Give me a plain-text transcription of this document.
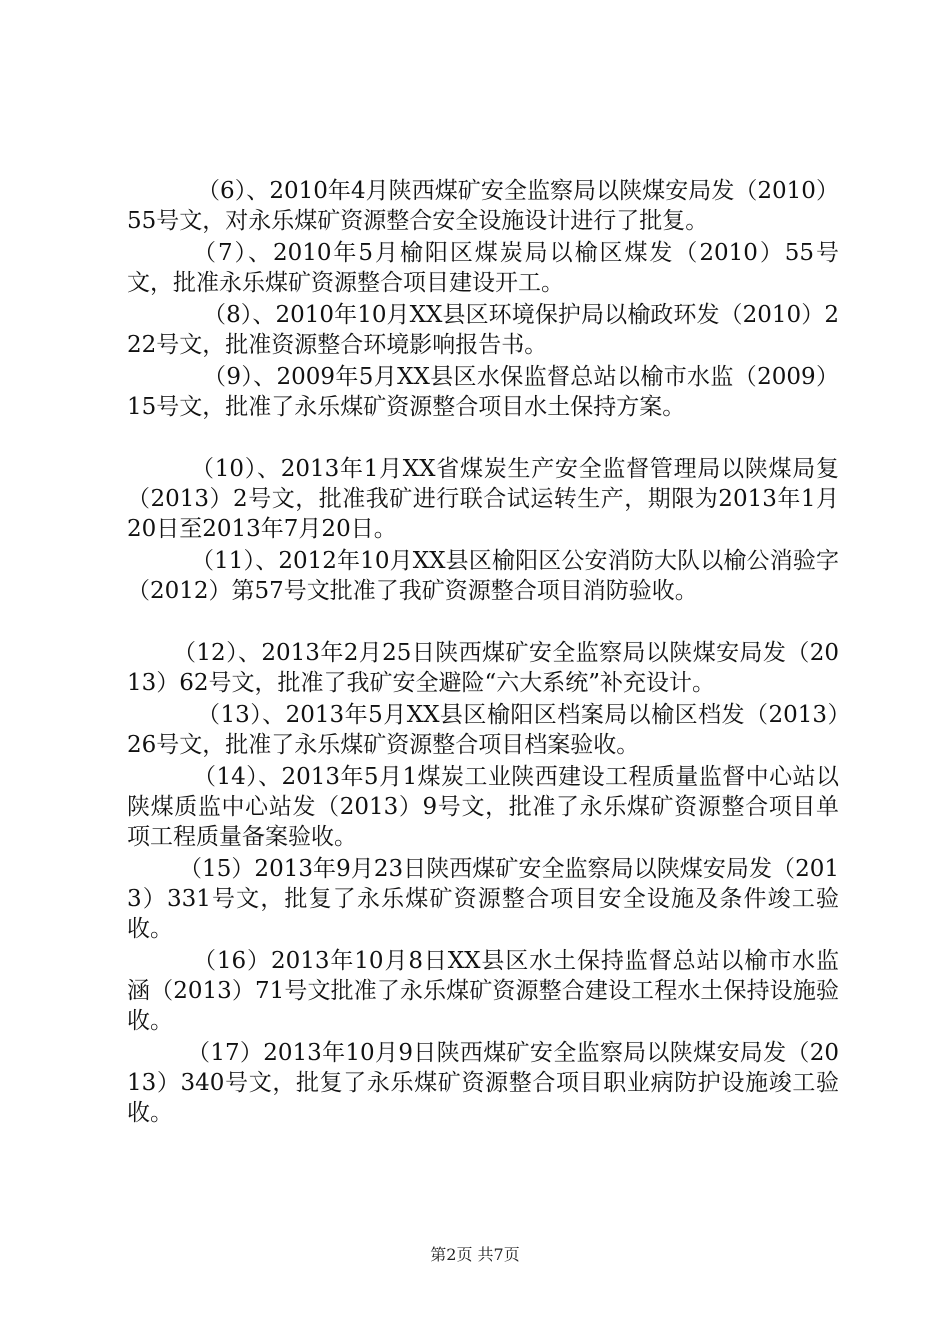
（6）、2010年4月陕西煤矿安全监察局以陕煤安局发（2010）55号文，对永乐煤矿资源整合安全设施设计进行了批复。

（7）、2010年5月榆阳区煤炭局以榆区煤发（2010）55号文，批准永乐煤矿资源整合项目建设开工。

（8）、2010年10月XX县区环境保护局以榆政环发（2010）222号文，批准资源整合环境影响报告书。

（9）、2009年5月XX县区水保监督总站以榆市水监（2009）15号文，批准了永乐煤矿资源整合项目水土保持方案。

（10）、2013年1月XX省煤炭生产安全监督管理局以陕煤局复（2013）2号文，批准我矿进行联合试运转生产，期限为2013年1月20日至2013年7月20日。

（11）、2012年10月XX县区榆阳区公安消防大队以榆公消验字（2012）第57号文批准了我矿资源整合项目消防验收。

（12）、2013年2月25日陕西煤矿安全监察局以陕煤安局发（2013）62号文，批准了我矿安全避险“六大系统”补充设计。

（13）、2013年5月XX县区榆阳区档案局以榆区档发（2013）26号文，批准了永乐煤矿资源整合项目档案验收。

（14）、2013年5月1煤炭工业陕西建设工程质量监督中心站以陕煤质监中心站发（2013）9号文，批准了永乐煤矿资源整合项目单项工程质量备案验收。

（15）2013年9月23日陕西煤矿安全监察局以陕煤安局发（2013）331号文，批复了永乐煤矿资源整合项目安全设施及条件竣工验收。

（16）2013年10月8日XX县区水土保持监督总站以榆市水监涵（2013）71号文批准了永乐煤矿资源整合建设工程水土保持设施验收。

（17）2013年10月9日陕西煤矿安全监察局以陕煤安局发（2013）340号文，批复了永乐煤矿资源整合项目职业病防护设施竣工验收。

第2页 共7页
